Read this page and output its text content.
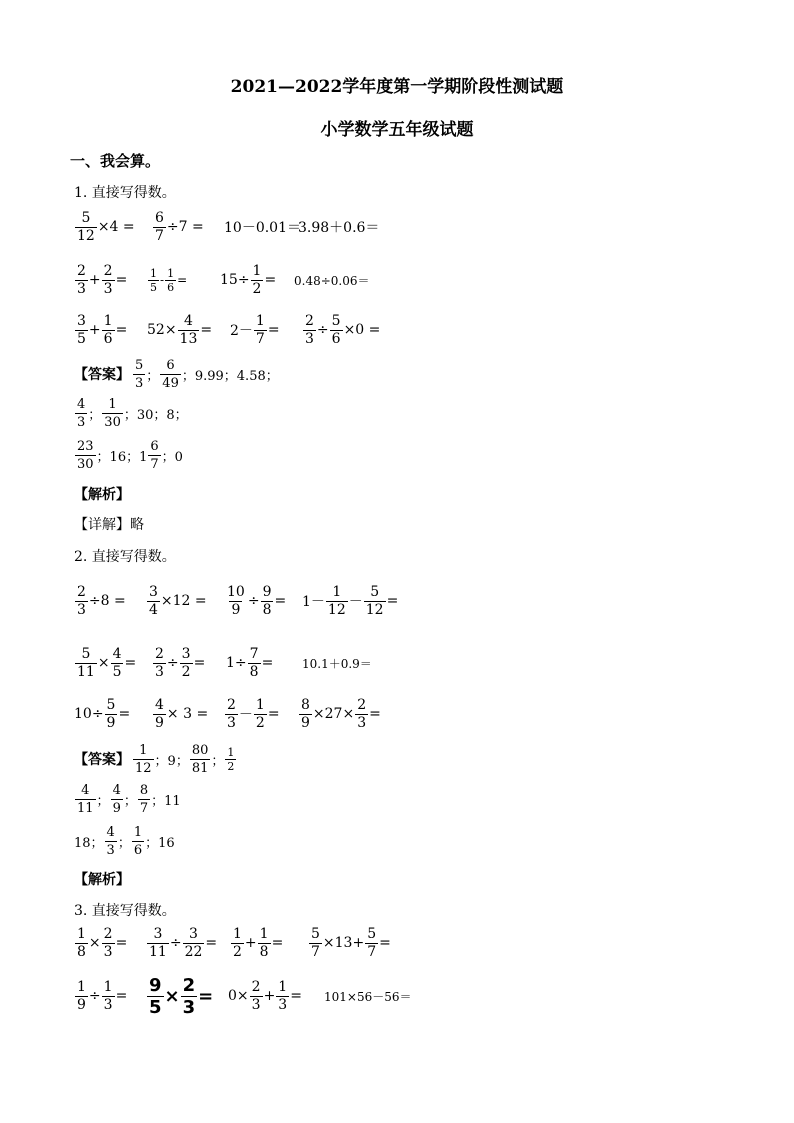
2021—2022学年度第一学期阶段性测试题
小学数学五年级试题
一、我会算。
1. 直接写得数。
$\frac{5}{12} \times 4 = \frac{6}{7} \div 7 = 10-0.01=$
3.98＋0.6＝
$\frac{2}{3} + \frac{2}{3} = \frac{1}{5} - \frac{1}{6} = 15\div \frac{1}{2} = 0.48\div 0.06=$
$\frac{3}{5} + \frac{1}{6} = 52\times \frac{4}{13} = 2- \frac{1}{7} = \frac{2}{3} \div \frac{5}{6} \times 0$ =
【答案】 $\frac{5}{3}$ ； $\frac{6}{49}$ ；9.99；4.58；
$\frac{4}{3}$ ； $\frac{1}{30}$ ；30；8；
$\frac{23}{30}$ ；16；$1 \frac{6}{7}$ ；0
【解析】
【详解】略
2. 直接写得数。
$\frac{2}{3} \div 8 = \frac{3}{4} \times 12 = \frac{10}{9} \div \frac{9}{8} = 1- \frac{1}{12} - \frac{5}{12}$ =
$\frac{5}{11} \times \frac{4}{5} = \frac{2}{3} \div \frac{3}{2} = 1\div \frac{7}{8} = 10.1+0.9=$
$10\div \frac{5}{9} = \frac{4}{9} \times 3 = \frac{2}{3} - \frac{1}{2} = \frac{8}{9} \times 27\times \frac{2}{3}$ =
【答案】 $\frac{1}{12}$ ；9； $\frac{80}{81}$ ； $\frac{1}{2}$
$\frac{4}{11}$ ； $\frac{4}{9}$ ； $\frac{8}{7}$ ；11
18； $\frac{4}{3}$ ； $\frac{1}{6}$ ；16
【解析】
3. 直接写得数。
$\frac{1}{8} \times \frac{2}{3} = \frac{3}{11} \div \frac{3}{22} = \frac{1}{2} + \frac{1}{8} = \frac{5}{7} \times 13+ \frac{5}{7}$ =
$\frac{1}{9} \div \frac{1}{3} = \frac{9}{5} \times \frac{2}{3} = 0\times \frac{2}{3} + \frac{1}{3} = 101\times 56-56=$
